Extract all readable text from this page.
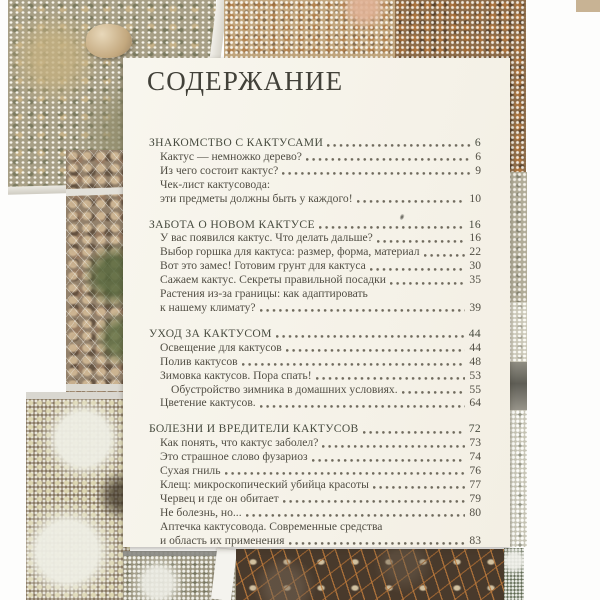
СОДЕРЖАНИЕ
ЗНАКОМСТВО С КАКТУСАМИ	6
Кактус — немножко дерево?	6
Из чего состоит кактус?	9
Чек-лист кактусовода:
эти предметы должны быть у каждого!	10
ЗАБОТА О НОВОМ КАКТУСЕ	16
У вас появился кактус. Что делать дальше?	16
Выбор горшка для кактуса: размер, форма, материал	22
Вот это замес! Готовим грунт для кактуса	30
Сажаем кактус. Секреты правильной посадки	35
Растения из-за границы: как адаптировать
к нашему климату?	39
УХОД ЗА КАКТУСОМ	44
Освещение для кактусов	44
Полив кактусов	48
Зимовка кактусов. Пора спать!	53
Обустройство зимника в домашних условиях.	55
Цветение кактусов.	64
БОЛЕЗНИ И ВРЕДИТЕЛИ КАКТУСОВ	72
Как понять, что кактус заболел?	73
Это страшное слово фузариоз	74
Сухая гниль	76
Клещ: микроскопический убийца красоты	77
Червец и где он обитает	79
Не болезнь, но...	80
Аптечка кактусовода. Современные средства
и область их применения	83
